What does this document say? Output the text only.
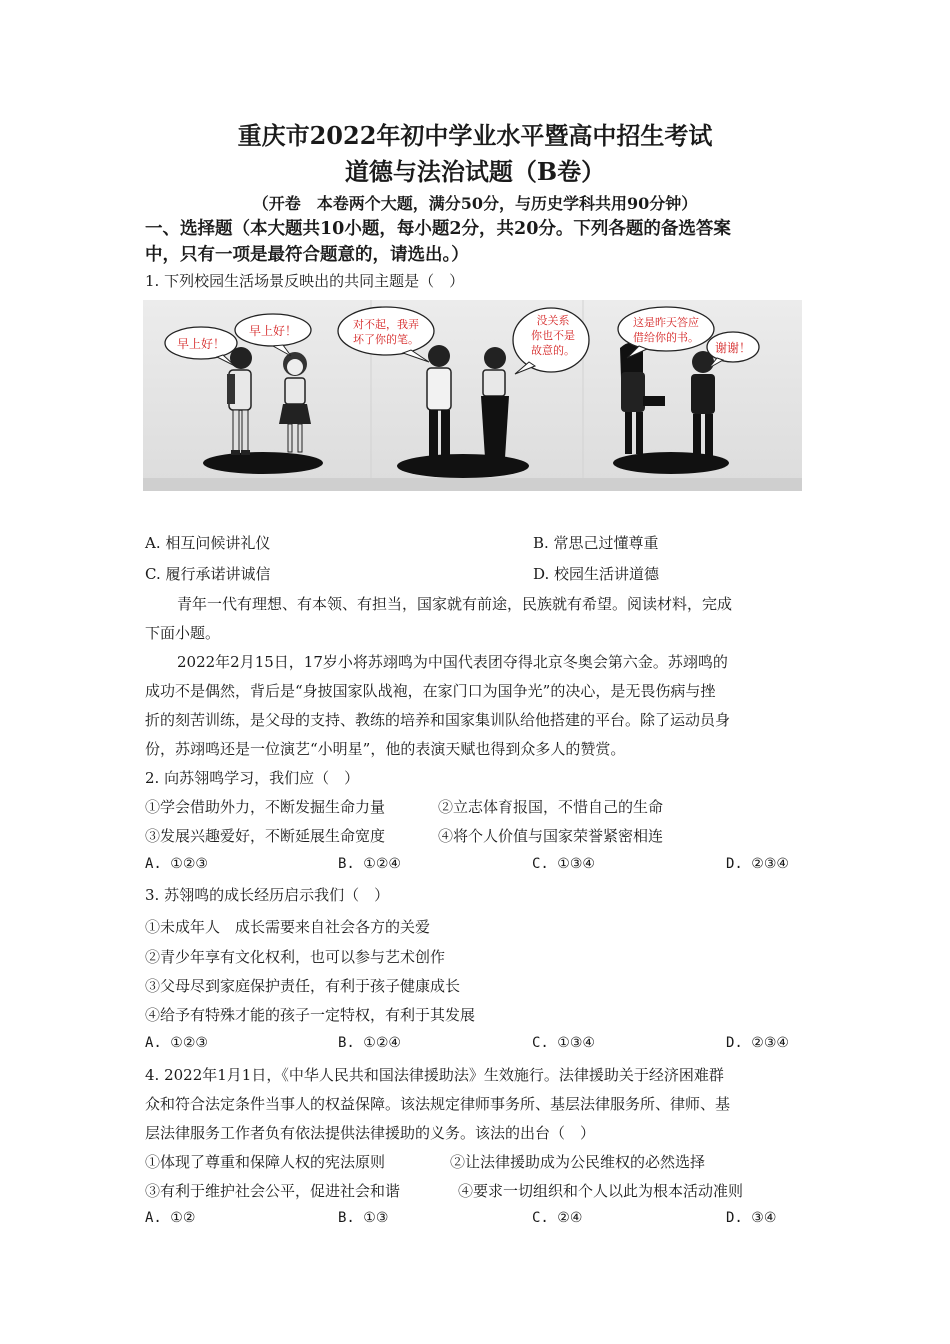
重庆市2022年初中学业水平暨高中招生考试
道德与法治试题（B卷）
（开卷　本卷两个大题，满分50分，与历史学科共用90分钟）
一、选择题（本大题共10小题，每小题2分，共20分。下列各题的备选答案
中，只有一项是最符合题意的，请选出。）
1. 下列校园生活场景反映出的共同主题是（　）
早上好！
早上好！	对不起，我弄
坏了你的笔。
没关系
你也不是
故意的。
这是昨天答应
借给你的书。
谢谢！
A. 相互问候讲礼仪	B. 常思己过懂尊重
C. 履行承诺讲诚信	D. 校园生活讲道德

青年一代有理想、有本领、有担当，国家就有前途，民族就有希望。阅读材料，完成

下面小题。

2022年2月15日，17岁小将苏翊鸣为中国代表团夺得北京冬奥会第六金。苏翊鸣的

成功不是偶然，背后是“身披国家队战袍，在家门口为国争光”的决心，是无畏伤病与挫

折的刻苦训练，是父母的支持、教练的培养和国家集训队给他搭建的平台。除了运动员身

份，苏翊鸣还是一位演艺“小明星”，他的表演天赋也得到众多人的赞赏。

2. 向苏翎鸣学习，我们应（　）
①学会借助外力，不断发掘生命力量	②立志体育报国，不惜自己的生命
③发展兴趣爱好，不断延展生命宽度	④将个人价值与国家荣誉紧密相连
A. ①②③	B. ①②④	C. ①③④	D. ②③④
3. 苏翎鸣的成长经历启示我们（　）
①未成年人　成长需要来自社会各方的关爱
②青少年享有文化权利，也可以参与艺术创作
③父母尽到家庭保护责任，有利于孩子健康成长
④给予有特殊才能的孩子一定特权，有利于其发展
A. ①②③	B. ①②④	C. ①③④	D. ②③④

4. 2022年1月1日，《中华人民共和国法律援助法》生效施行。法律援助关于经济困难群

众和符合法定条件当事人的权益保障。该法规定律师事务所、基层法律服务所、律师、基

层法律服务工作者负有依法提供法律援助的义务。该法的出台（　）

①体现了尊重和保障人权的宪法原则	②让法律援助成为公民维权的必然选择
③有利于维护社会公平，促进社会和谐	④要求一切组织和个人以此为根本活动准则
A. ①②	B. ①③	C. ②④	D. ③④
